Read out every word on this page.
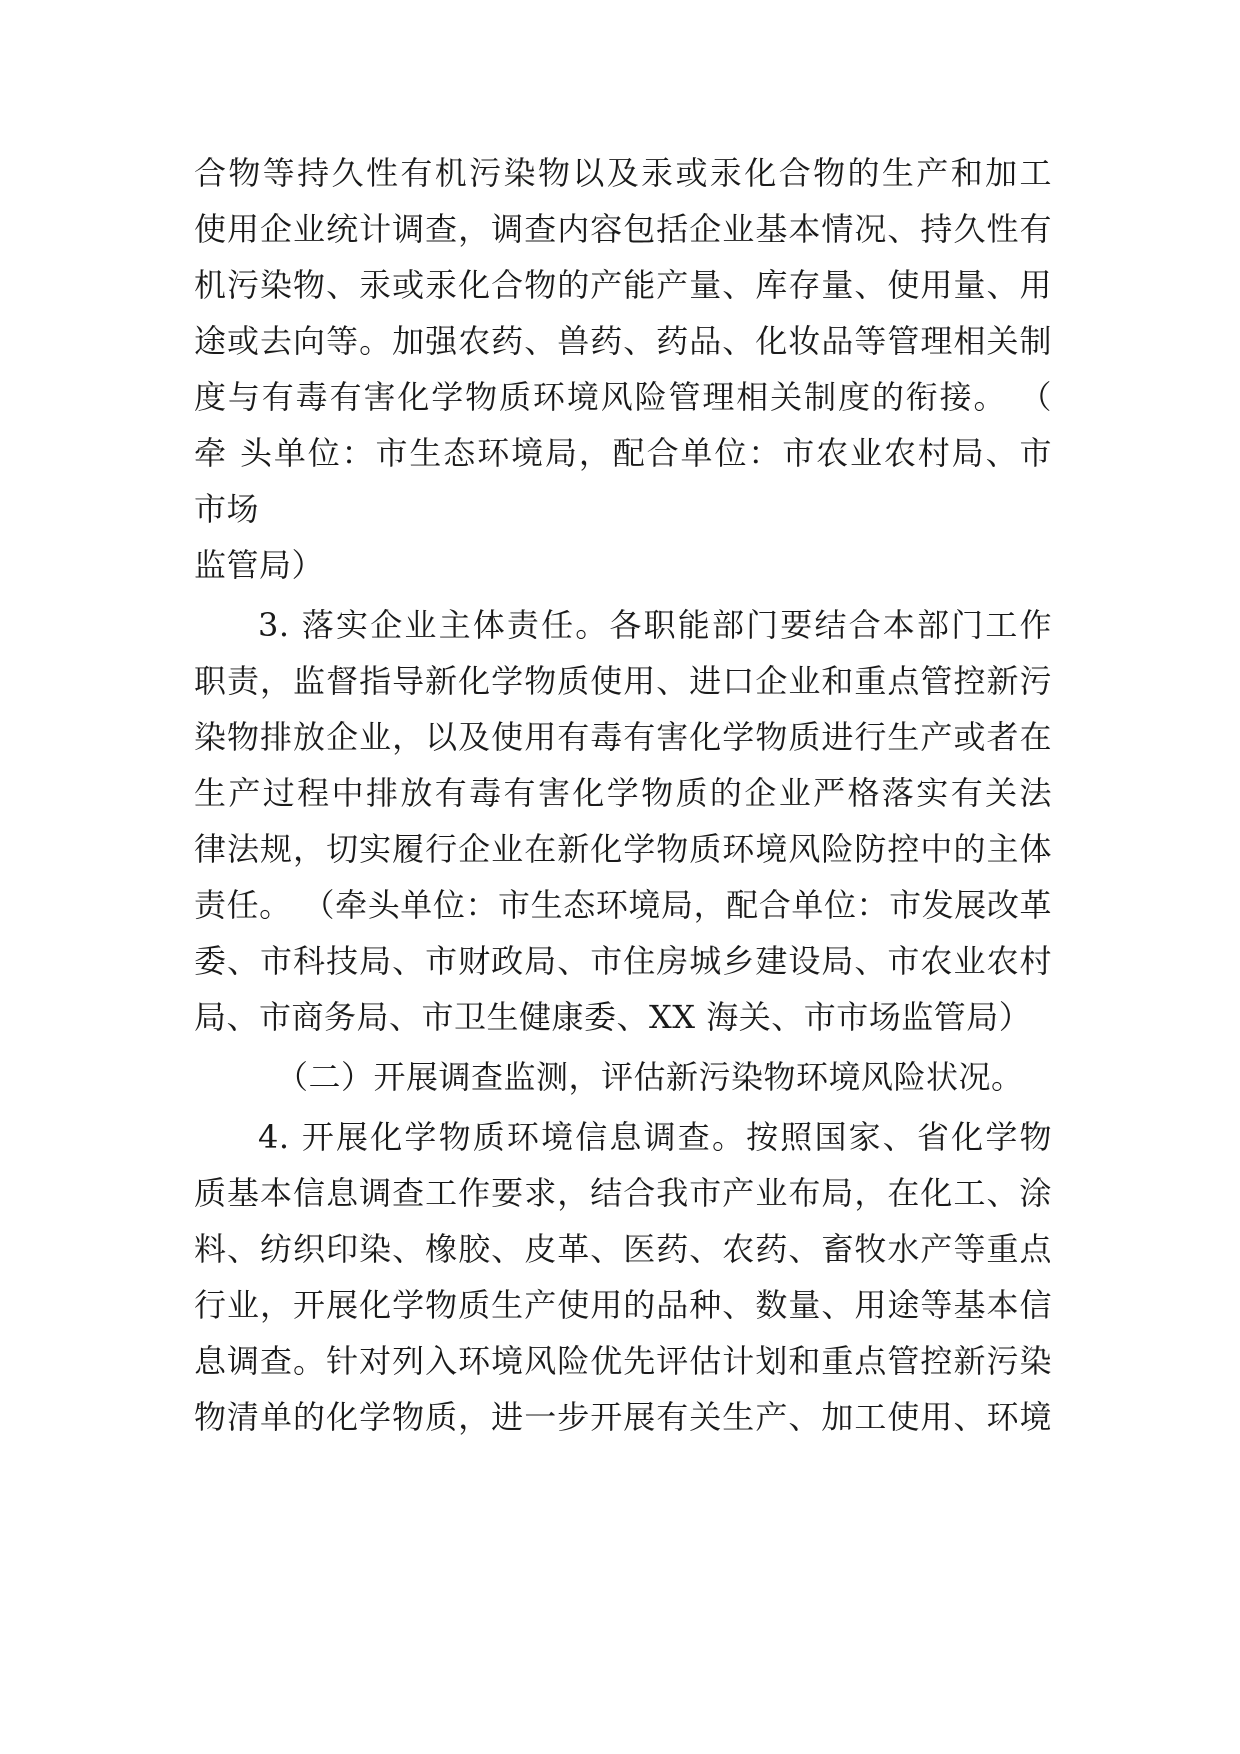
合物等持久性有机污染物以及汞或汞化合物的生产和加工
使用企业统计调查，调查内容包括企业基本情况、持久性有
机污染物、汞或汞化合物的产能产量、库存量、使用量、用
途或去向等。加强农药、兽药、药品、化妆品等管理相关制
度与有毒有害化学物质环境风险管理相关制度的衔接。 （
牵 头单位：市生态环境局，配合单位：市农业农村局、市
市场
监管局）
3. 落实企业主体责任。各职能部门要结合本部门工作
职责，监督指导新化学物质使用、进口企业和重点管控新污
染物排放企业，以及使用有毒有害化学物质进行生产或者在
生产过程中排放有毒有害化学物质的企业严格落实有关法
律法规，切实履行企业在新化学物质环境风险防控中的主体
责任。 （牵头单位：市生态环境局，配合单位：市发展改革
委、市科技局、市财政局、市住房城乡建设局、市农业农村
局、市商务局、市卫生健康委、XX 海关、市市场监管局）
（二）开展调查监测，评估新污染物环境风险状况。
4. 开展化学物质环境信息调查。按照国家、省化学物
质基本信息调查工作要求，结合我市产业布局，在化工、涂
料、纺织印染、橡胶、皮革、医药、农药、畜牧水产等重点
行业，开展化学物质生产使用的品种、数量、用途等基本信
息调查。针对列入环境风险优先评估计划和重点管控新污染
物清单的化学物质，进一步开展有关生产、加工使用、环境
